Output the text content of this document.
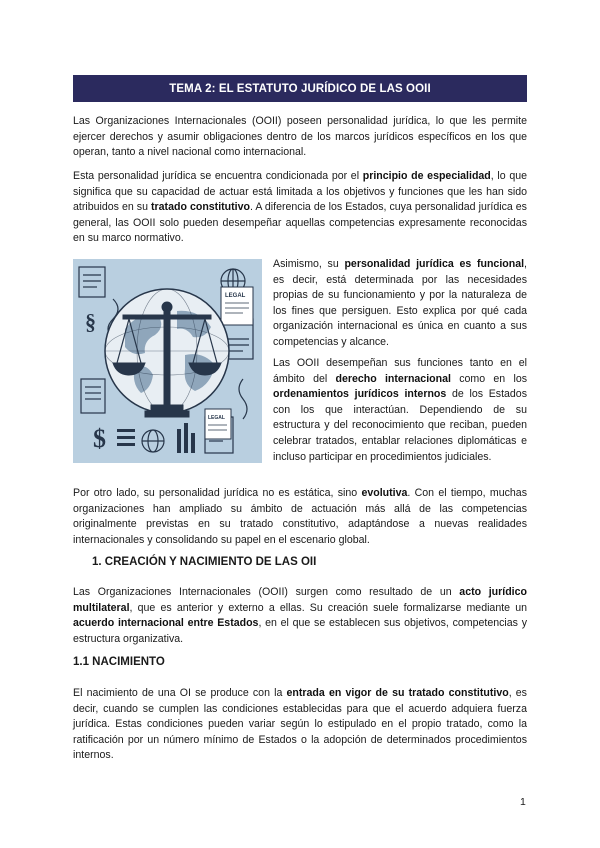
TEMA 2: EL ESTATUTO JURÍDICO DE LAS OOII

Las Organizaciones Internacionales (OOII) poseen personalidad jurídica, lo que les permite ejercer derechos y asumir obligaciones dentro de los marcos jurídicos específicos en los que operan, tanto a nivel nacional como internacional.

Esta personalidad jurídica se encuentra condicionada por el principio de especialidad, lo que significa que su capacidad de actuar está limitada a los objetivos y funciones que les han sido atribuidos en su tratado constitutivo. A diferencia de los Estados, cuya personalidad jurídica es general, las OOII solo pueden desempeñar aquellas competencias expresamente reconocidas en su marco normativo.

$
§
LEGAL
LEGAL

Asimismo, su personalidad jurídica es funcional, es decir, está determinada por las necesidades propias de su funcionamiento y por la naturaleza de los fines que persiguen. Esto explica por qué cada organización internacional es única en cuanto a sus competencias y alcance.

Las OOII desempeñan sus funciones tanto en el ámbito del derecho internacional como en los ordenamientos jurídicos internos de los Estados con los que interactúan. Dependiendo de su estructura y del reconocimiento que reciban, pueden celebrar tratados, entablar relaciones diplomáticas e incluso participar en procedimientos judiciales.

Por otro lado, su personalidad jurídica no es estática, sino evolutiva. Con el tiempo, muchas organizaciones han ampliado su ámbito de actuación más allá de las competencias originalmente previstas en su tratado constitutivo, adaptándose a nuevas realidades internacionales y consolidando su papel en el escenario global.

1. CREACIÓN Y NACIMIENTO DE LAS OII

Las Organizaciones Internacionales (OOII) surgen como resultado de un acto jurídico multilateral, que es anterior y externo a ellas. Su creación suele formalizarse mediante un acuerdo internacional entre Estados, en el que se establecen sus objetivos, competencias y estructura organizativa.

1.1 NACIMIENTO

El nacimiento de una OI se produce con la entrada en vigor de su tratado constitutivo, es decir, cuando se cumplen las condiciones establecidas para que el acuerdo adquiera fuerza jurídica. Estas condiciones pueden variar según lo estipulado en el propio tratado, como la ratificación por un número mínimo de Estados o la adopción de determinados procedimientos internos.

1
